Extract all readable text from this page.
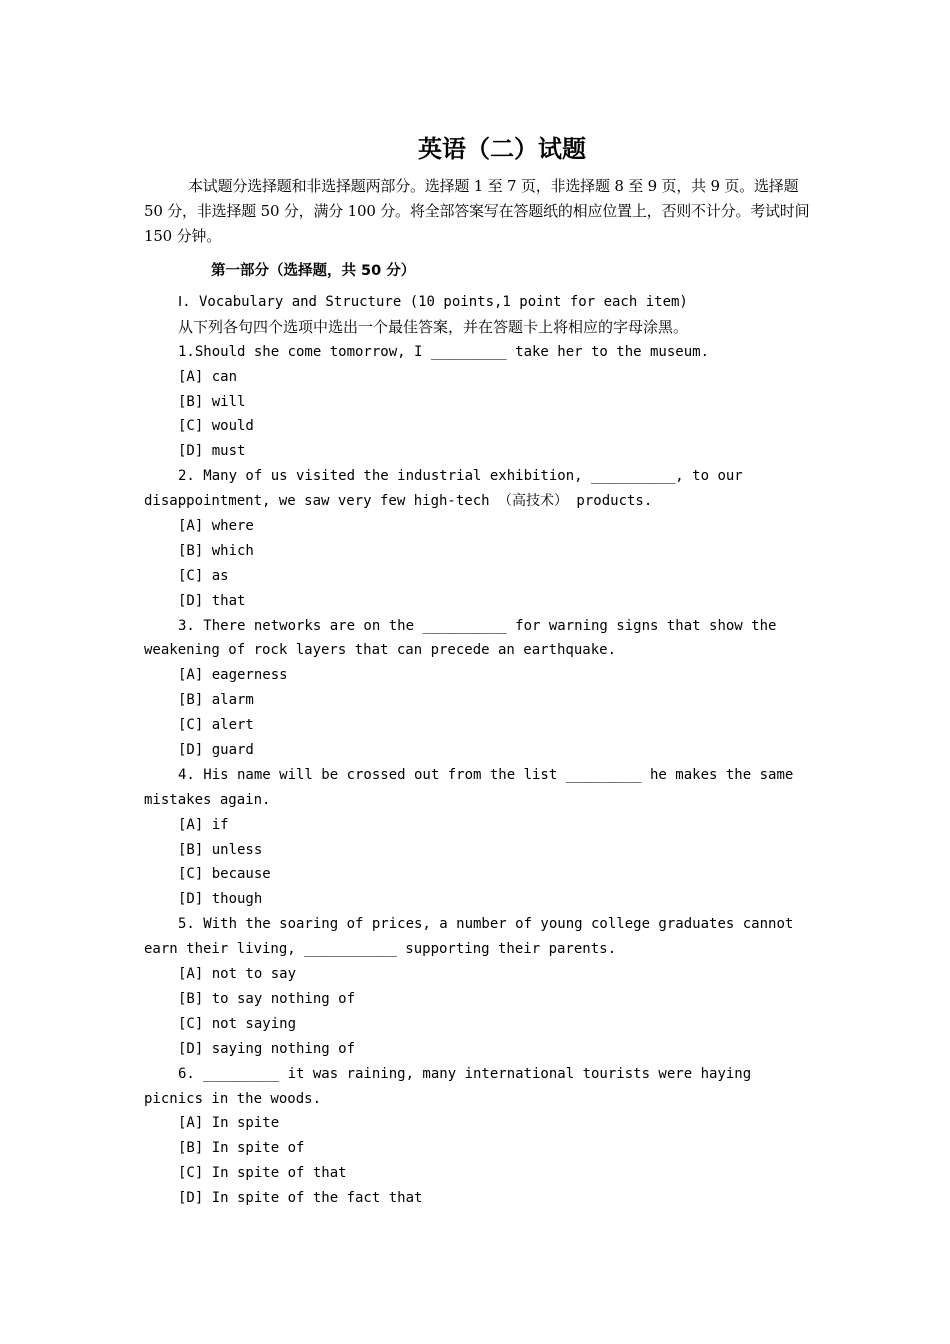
英语（二）试题
本试题分选择题和非选择题两部分。选择题 1 至 7 页，非选择题 8 至 9 页，共 9 页。选择题 50 分，非选择题 50 分，满分 100 分。将全部答案写在答题纸的相应位置上，否则不计分。考试时间 150 分钟。
第一部分（选择题，共 50 分）
Ⅰ. Vocabulary and Structure (10 points,1 point for each item)
从下列各句四个选项中选出一个最佳答案，并在答题卡上将相应的字母涂黑。
1.Should she come tomorrow, I _________ take her to the museum.
[A] can
[B] will
[C] would
[D] must
2. Many of us visited the industrial exhibition, __________, to our
disappointment, we saw very few high-tech （高技术） products.
[A] where
[B] which
[C] as
[D] that
3. There networks are on the __________ for warning signs that show the
weakening of rock layers that can precede an earthquake.
[A] eagerness
[B] alarm
[C] alert
[D] guard
4. His name will be crossed out from the list _________ he makes the same
mistakes again.
[A] if
[B] unless
[C] because
[D] though
5. With the soaring of prices, a number of young college graduates cannot
earn their living, ___________ supporting their parents.
[A] not to say
[B] to say nothing of
[C] not saying
[D] saying nothing of
6. _________ it was raining, many international tourists were haying
picnics in the woods.
[A] In spite
[B] In spite of
[C] In spite of that
[D] In spite of the fact that
